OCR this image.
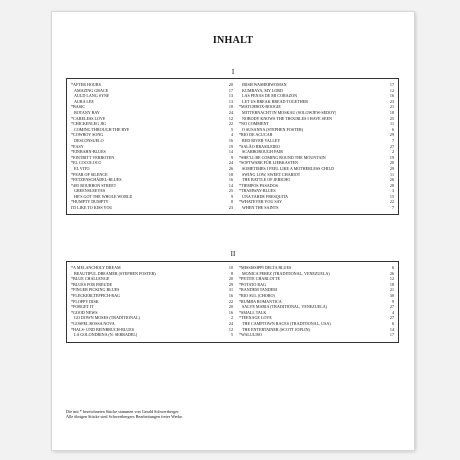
INHALT
I
*AFTER HOURS	20
AMAZING GRACE	17
AULD LANG SYNE	13
AURA LEE	13
*BASIC	10
BOTANY BAY	24
*CARELESS LOVE	12
*CHICKENLEG JIG	22
COMING THROUGH THE RYE	5
*COWBOY SONG	4
DESCONSUELO	16
*EASY	19
*EINBAHN-BLUES	14
*EINTRITT VERBOTEN	9
*EL COCOLOCO	24
EL VITO	26
*FEAR OF SILENCE	18
*FETZENSCHÄDEL-BLUES	16
*405 BOURBON STREET	14
GREENSLEEVES	25
HE'S GOT THE WHOLE WORLD	9
*HUMPTY DUMPTY	8
I'D LIKE TO KISS YOU	23
IRISH WASHERWOMAN	17
KUMBAYA, MY LORD	12
LAS PENAS DE MI CORAZON	16
LET US BREAK BREAD TOGETHER	23
*MATCHBOX-BOOGIE	21
MITTERNACHT IN MOSKAU (SOLOWJEW-SEDOY)	18
NOBODY KNOWS THE TROUBLES I HAVE SEEN	25
*NO COMMENT	11
O SUSANNA (STEPHEN FOSTER)	6
*RIO DE ACUCAR	29
RED RIVER VALLEY	7
*SALÃO BRASILEIRO	27
SCARBOROUGH FAIR	2
*SHE'LL BE COMING ROUND THE MOUNTAIN	19
*SOFTWARE FÜR LIEBKASTEN	20
SOMETIMES I FEEL LIKE A MOTHERLESS CHILD	29
SWING LOW, SWEET CHARIOT	11
THE BATTLE OF JERICHO	26
*TIEMPOS PASADOS	28
*TRAMWAY-BLUES	3
UNA TARDE FRESQUITA	15
*WHATEVER YOU SAY	22
WHEN THE SAINTS	7
II
*A MELANCHOLY DREAM	10
BEAUTIFUL DREAMER (STEPHEN FOSTER)	8
*BLUE CHALLENGE	20
*BLUES FOR FREUDE	29
*FINGER PICKING BLUES	31
*FLECKERLTEPPICH-RAG	16
*FLOPPY DISK	22
*FORGET IT	20
*GOOD NEWS	16
GO DOWN MOSES (TRADITIONAL)	2
*GOSPEL BOSSA NOVA	24
*HALS- UND BEINBRUCH-BLUES	12
LA GOLONDRINA (N. SERRADEL)	5
*MISSISSIPPI DELTA BLUES	6
MONICA PEREZ (TRADITIONAL, VENEZUELA)	26
*PETITE CHARLOTTE	12
*POTATO RAG	18
*RANDEM TANDEM	21
*RIO SUL (CHORO)	30
*RUMBA ROMANTICA	9
SALVE MARIA (TRADITIONAL, VENEZUELA)	27
*SMALL TALK	4
*TEENAGE LOVE	27
THE CAMPTOWN RACES (TRADITIONAL, USA)	6
THE ENTERTAINER (SCOTT JOPLIN)	14
*WALULISO	17
Die mit * bezeichneten Stücke stammen von Gerald Schwertberger.
Alle übrigen Stücke sind Schwertbergers Bearbeitungen freier Werke.
